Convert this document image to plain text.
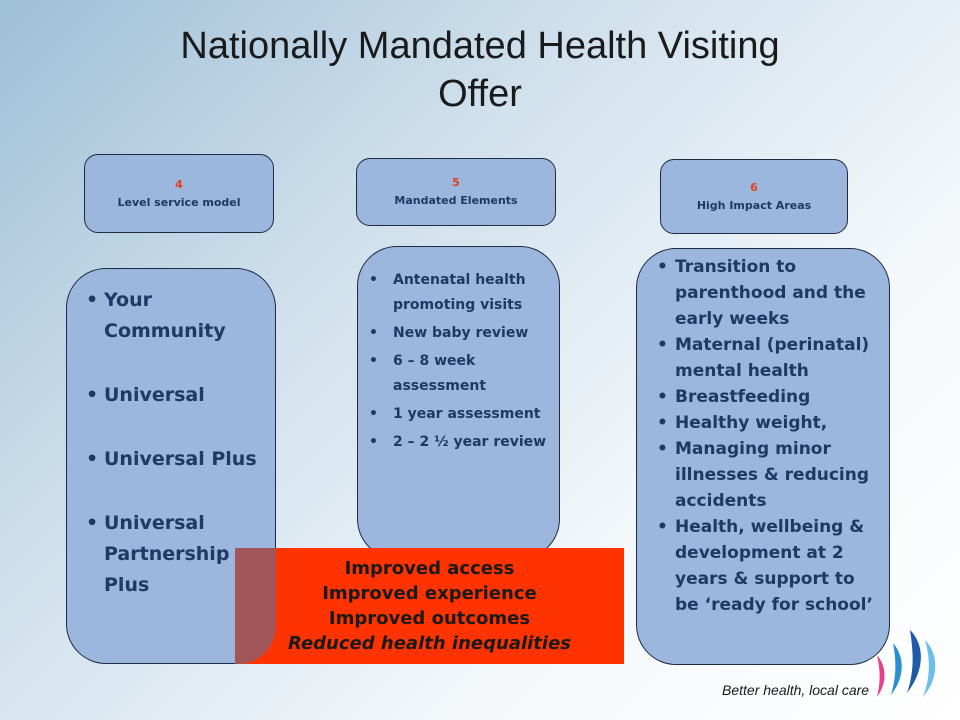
Nationally Mandated Health Visiting
Offer
4
Level service model
5
Mandated Elements
6
High Impact Areas
• Your Community
• Universal
• Universal Plus
• Universal Partnership Plus
• Antenatal health promoting visits
• New baby review
• 6 – 8 week assessment
• 1 year assessment
• 2 – 2 ½ year review
• Transition to parenthood and the early weeks
• Maternal (perinatal) mental health
• Breastfeeding
• Healthy weight,
• Managing minor illnesses & reducing accidents
• Health, wellbeing & development at 2 years & support to be ‘ready for school’
Improved access
Improved experience
Improved outcomes
Reduced health inequalities
Better health, local care
